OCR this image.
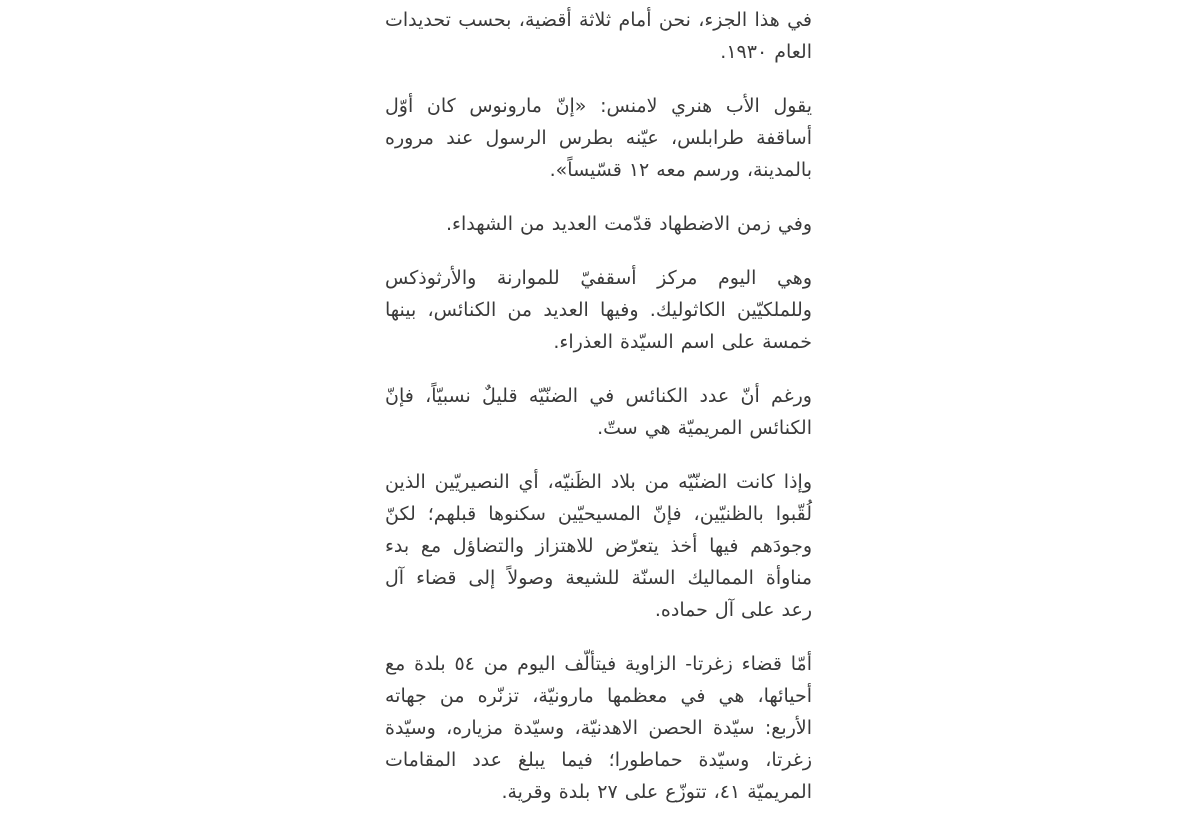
في هذا الجزء، نحن أمام ثلاثة أقضية، بحسب تحديدات العام ١٩٣٠.

يقول الأب هنري لامنس: «إنّ مارونوس كان أوّل أساقفة طرابلس، عيّنه بطرس الرسول عند مروره بالمدينة، ورسم معه ١٢ قسّيساً».

وفي زمن الاضطهاد قدّمت العديد من الشهداء.

وهي اليوم مركز أسقفيّ للموارنة والأرثوذكس وللملكيّين الكاثوليك. وفيها العديد من الكنائس، بينها خمسة على اسم السيّدة العذراء.

ورغم أنّ عدد الكنائس في الضنّيّه قليلٌ نسبيّاً، فإنّ الكنائس المريميّة هي ستّ.

وإذا كانت الضنّيّه من بلاد الظَنيّه، أي النصيريّين الذين لُقّبوا بالظنيّين، فإنّ المسيحيّين سكنوها قبلهم؛ لكنّ وجودَهم فيها أخذ يتعرّض للاهتزاز والتضاؤل مع بدء مناوأة المماليك السنّة للشيعة وصولاً إلى قضاء آل رعد على آل حماده.

أمّا قضاء زغرتا- الزاوية فيتألّف اليوم من ٥٤ بلدة مع أحيائها، هي في معظمها مارونيّة، تزنّره من جهاته الأربع: سيّدة الحصن الاهدنيّة، وسيّدة مزياره، وسيّدة زغرتا، وسيّدة حماطورا؛ فيما يبلغ عدد المقامات المريميّة ٤١، تتوزّع على ٢٧ بلدة وقرية.
